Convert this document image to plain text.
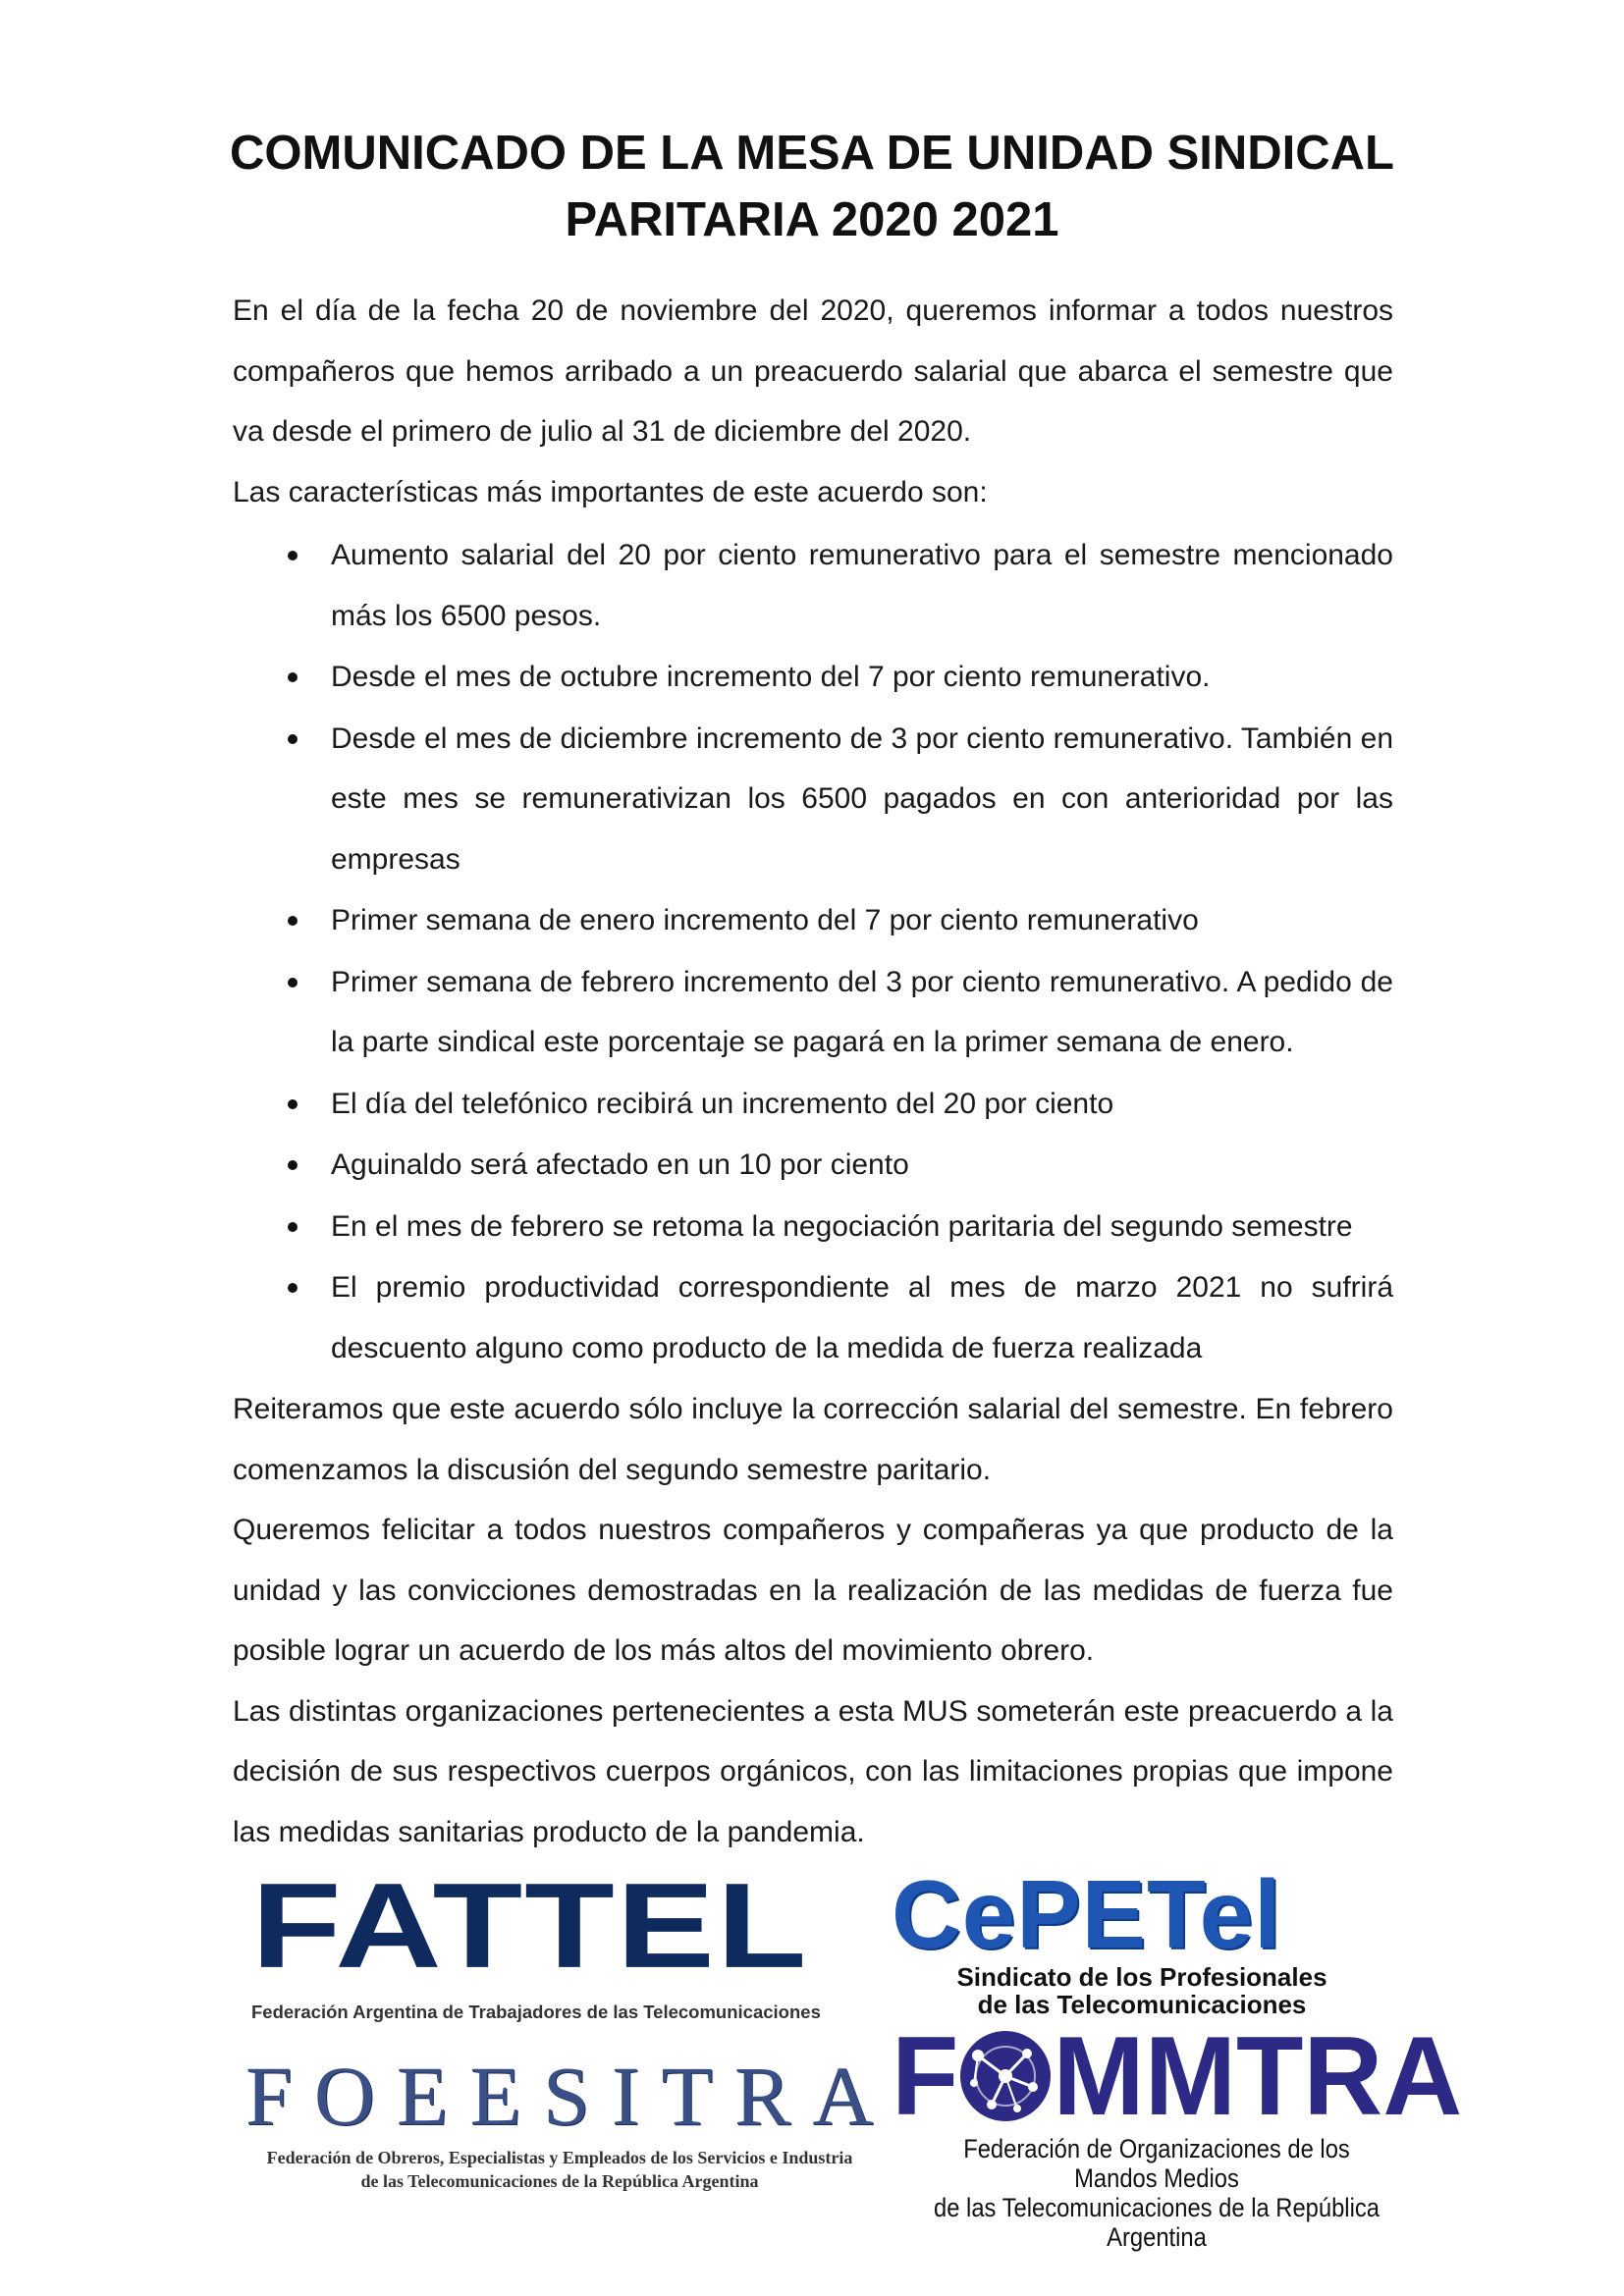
COMUNICADO DE LA MESA DE UNIDAD SINDICAL
PARITARIA 2020 2021

En el día de la fecha 20 de noviembre del 2020, queremos informar a todos nuestros compañeros que hemos arribado a un preacuerdo salarial que abarca el semestre que va desde el primero de julio al 31 de diciembre del 2020.

Las características más importantes de este acuerdo son:

Aumento salarial del 20 por ciento remunerativo para el semestre mencionado más los 6500 pesos.
Desde el mes de octubre incremento del 7 por ciento remunerativo.
Desde el mes de diciembre incremento de 3 por ciento remunerativo. También en este mes se remunerativizan los 6500 pagados en con anterioridad por las empresas
Primer semana de enero incremento del 7 por ciento remunerativo
Primer semana de febrero incremento del 3 por ciento remunerativo. A pedido de la parte sindical este porcentaje se pagará en la primer semana de enero.
El día del telefónico recibirá un incremento del 20 por ciento
Aguinaldo será afectado en un 10 por ciento
En el mes de febrero se retoma la negociación paritaria del segundo semestre
El premio productividad correspondiente al mes de marzo 2021 no sufrirá descuento alguno como producto de la medida de fuerza realizada

Reiteramos que este acuerdo sólo incluye la corrección salarial del semestre. En febrero comenzamos la discusión del segundo semestre paritario.

Queremos felicitar a todos nuestros compañeros y compañeras ya que producto de la unidad y las convicciones demostradas en la realización de las medidas de fuerza fue posible lograr un acuerdo de los más altos del movimiento obrero.

Las distintas organizaciones pertenecientes a esta MUS someterán este preacuerdo a la decisión de sus respectivos cuerpos orgánicos, con las limitaciones propias que impone las medidas sanitarias producto de la pandemia.

FATTEL
Federación Argentina de Trabajadores de las Telecomunicaciones
CePETel
Sindicato de los Profesionales
de las Telecomunicaciones
FOEESITRA
Federación de Obreros, Especialistas y Empleados de los Servicios e Industria
de las Telecomunicaciones de la República Argentina
F MMTRA
Federación de Organizaciones de los Mandos Medios
de las Telecomunicaciones de la República Argentina
